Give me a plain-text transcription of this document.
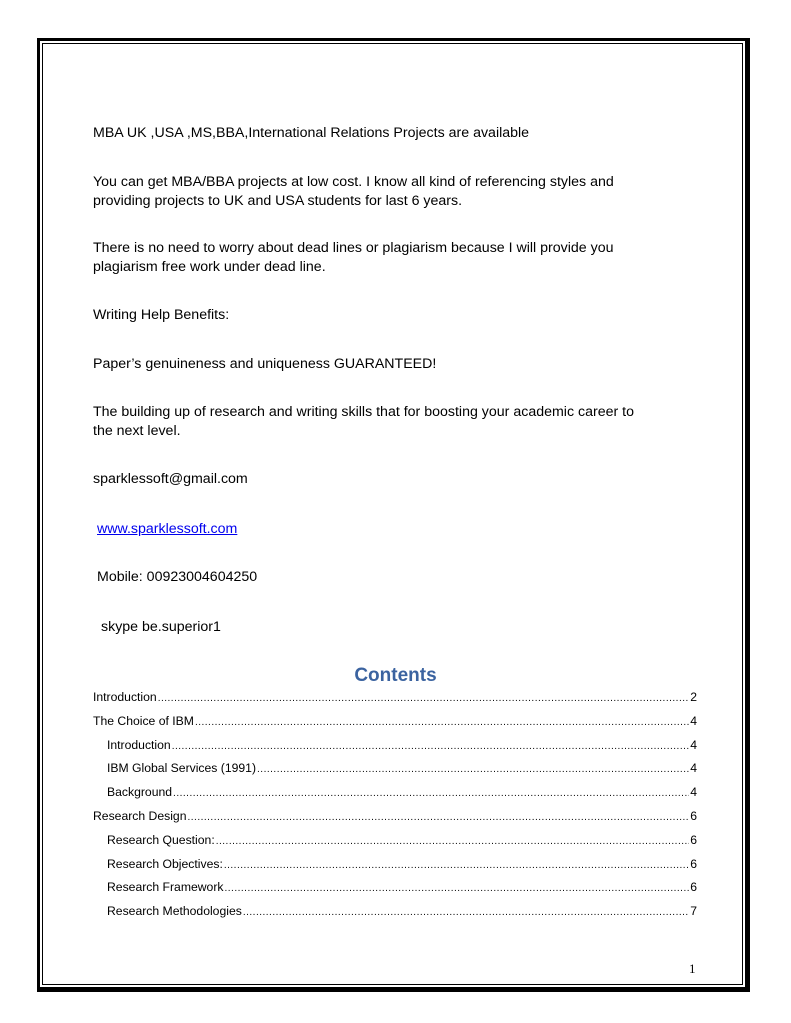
MBA UK ,USA ,MS,BBA,International Relations Projects are available
You can get MBA/BBA projects at low cost. I know all kind of referencing styles and
providing projects to UK and USA students for last 6 years.
There is no need to worry about dead lines or plagiarism because I will provide you
plagiarism free work under dead line.
Writing Help Benefits:
Paper’s genuineness and uniqueness GUARANTEED!
The building up of research and writing skills that for boosting your academic career to
the next level.
sparklessoft@gmail.com
www.sparklessoft.com
Mobile: 00923004604250
skype be.superior1
Contents
Introduction .....	2
The Choice of IBM .....	4
Introduction .....	4
IBM Global Services (1991) .....	4
Background .....	4
Research Design .....	6
Research Question: .....	6
Research Objectives: .....	6
Research Framework .....	6
Research Methodologies .....	7
1
